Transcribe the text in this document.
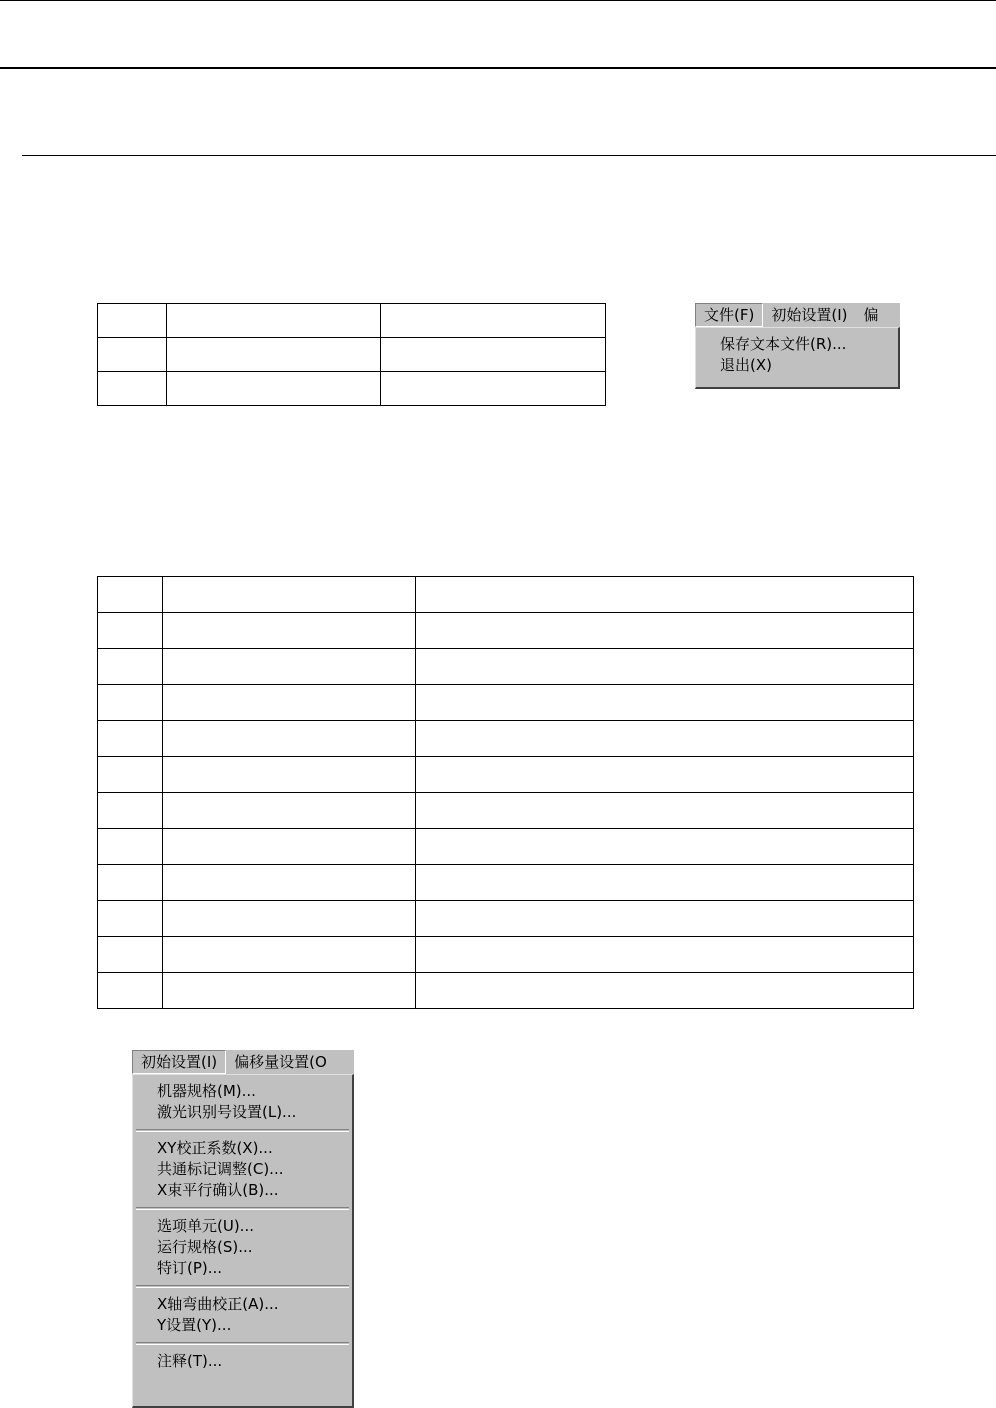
文件(F) 初始设置(I) 偏
保存文本文件(R)...
退出(X)

初始设置(I) 偏移量设置(O
机器规格(M)...
激光识别号设置(L)...
XY校正系数(X)...
共通标记调整(C)...
X束平行确认(B)...
选项单元(U)...
运行规格(S)...
特订(P)...
X轴弯曲校正(A)...
Y设置(Y)...
注释(T)...
